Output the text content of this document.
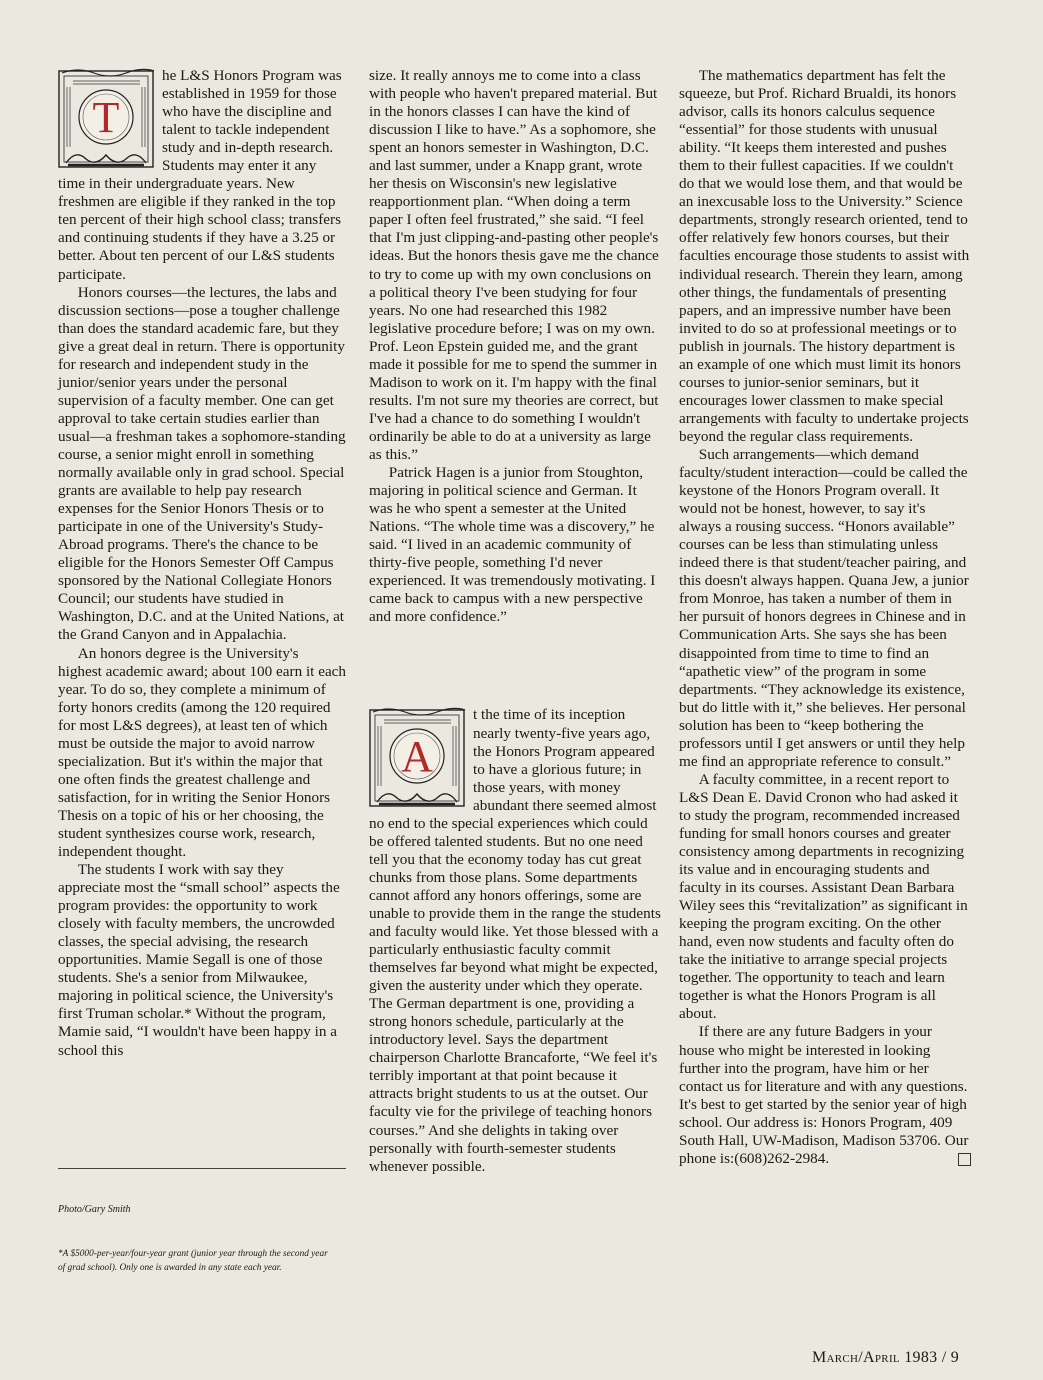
T

he L&S Honors Program was established in 1959 for those who have the discipline and talent to tackle independent study and in-depth research. Students may enter it any time in their undergraduate years. New freshmen are eligible if they ranked in the top ten percent of their high school class; transfers and continuing students if they have a 3.25 or better. About ten percent of our L&S students participate.

Honors courses—the lectures, the labs and discussion sections—pose a tougher challenge than does the standard academic fare, but they give a great deal in return. There is opportunity for research and independent study in the junior/senior years under the personal supervision of a faculty member. One can get approval to take certain studies earlier than usual—a freshman takes a sophomore-standing course, a senior might enroll in something normally available only in grad school. Special grants are available to help pay research expenses for the Senior Honors Thesis or to participate in one of the University's Study-Abroad programs. There's the chance to be eligible for the Honors Semester Off Campus sponsored by the National Collegiate Honors Council; our students have studied in Washington, D.C. and at the United Nations, at the Grand Canyon and in Appalachia.

An honors degree is the University's highest academic award; about 100 earn it each year. To do so, they complete a minimum of forty honors credits (among the 120 required for most L&S degrees), at least ten of which must be outside the major to avoid narrow specialization. But it's within the major that one often finds the greatest challenge and satisfaction, for in writing the Senior Honors Thesis on a topic of his or her choosing, the student synthesizes course work, research, independent thought.

The students I work with say they appreciate most the “small school” aspects the program provides: the opportunity to work closely with faculty members, the uncrowded classes, the special advising, the research opportunities. Mamie Segall is one of those students. She's a senior from Milwaukee, majoring in political science, the University's first Truman scholar.* Without the program, Mamie said, “I wouldn't have been happy in a school this

size. It really annoys me to come into a class with people who haven't prepared material. But in the honors classes I can have the kind of discussion I like to have.” As a sophomore, she spent an honors semester in Washington, D.C. and last summer, under a Knapp grant, wrote her thesis on Wisconsin's new legislative reapportionment plan. “When doing a term paper I often feel frustrated,” she said. “I feel that I'm just clipping-and-pasting other people's ideas. But the honors thesis gave me the chance to try to come up with my own conclusions on a political theory I've been studying for four years. No one had researched this 1982 legislative procedure before; I was on my own. Prof. Leon Epstein guided me, and the grant made it possible for me to spend the summer in Madison to work on it. I'm happy with the final results. I'm not sure my theories are correct, but I've had a chance to do something I wouldn't ordinarily be able to do at a university as large as this.”

Patrick Hagen is a junior from Stoughton, majoring in political science and German. It was he who spent a semester at the United Nations. “The whole time was a discovery,” he said. “I lived in an academic community of thirty-five people, something I'd never experienced. It was tremendously motivating. I came back to campus with a new perspective and more confidence.”

A

t the time of its inception nearly twenty-five years ago, the Honors Program appeared to have a glorious future; in those years, with money abundant there seemed almost no end to the special experiences which could be offered talented students. But no one need tell you that the economy today has cut great chunks from those plans. Some departments cannot afford any honors offerings, some are unable to provide them in the range the students and faculty would like. Yet those blessed with a particularly enthusiastic faculty commit themselves far beyond what might be expected, given the austerity under which they operate. The German department is one, providing a strong honors schedule, particularly at the introductory level. Says the department chairperson Charlotte Brancaforte, “We feel it's terribly important at that point because it attracts bright students to us at the outset. Our faculty vie for the privilege of teaching honors courses.” And she delights in taking over personally with fourth-semester students whenever possible.

The mathematics department has felt the squeeze, but Prof. Richard Brualdi, its honors advisor, calls its honors calculus sequence “essential” for those students with unusual ability. “It keeps them interested and pushes them to their fullest capacities. If we couldn't do that we would lose them, and that would be an inexcusable loss to the University.” Science departments, strongly research oriented, tend to offer relatively few honors courses, but their faculties encourage those students to assist with individual research. Therein they learn, among other things, the fundamentals of presenting papers, and an impressive number have been invited to do so at professional meetings or to publish in journals. The history department is an example of one which must limit its honors courses to junior-senior seminars, but it encourages lower classmen to make special arrangements with faculty to undertake projects beyond the regular class requirements.

Such arrangements—which demand faculty/student interaction—could be called the keystone of the Honors Program overall. It would not be honest, however, to say it's always a rousing success. “Honors available” courses can be less than stimulating unless indeed there is that student/teacher pairing, and this doesn't always happen. Quana Jew, a junior from Monroe, has taken a number of them in her pursuit of honors degrees in Chinese and in Communication Arts. She says she has been disappointed from time to time to find an “apathetic view” of the program in some departments. “They acknowledge its existence, but do little with it,” she believes. Her personal solution has been to “keep bothering the professors until I get answers or until they help me find an appropriate reference to consult.”

A faculty committee, in a recent report to L&S Dean E. David Cronon who had asked it to study the program, recommended increased funding for small honors courses and greater consistency among departments in recognizing its value and in encouraging students and faculty in its courses. Assistant Dean Barbara Wiley sees this “revitalization” as significant in keeping the program exciting. On the other hand, even now students and faculty often do take the initiative to arrange special projects together. The opportunity to teach and learn together is what the Honors Program is all about.

If there are any future Badgers in your house who might be interested in looking further into the program, have him or her contact us for literature and with any questions. It's best to get started by the senior year of high school. Our address is: Honors Program, 409 South Hall, UW-Madison, Madison 53706. Our phone is:(608)262-2984.

Photo/Gary Smith
*A $5000-per-year/four-year grant (junior year through the second year of grad school). Only one is awarded in any state each year.
March/April 1983 / 9
